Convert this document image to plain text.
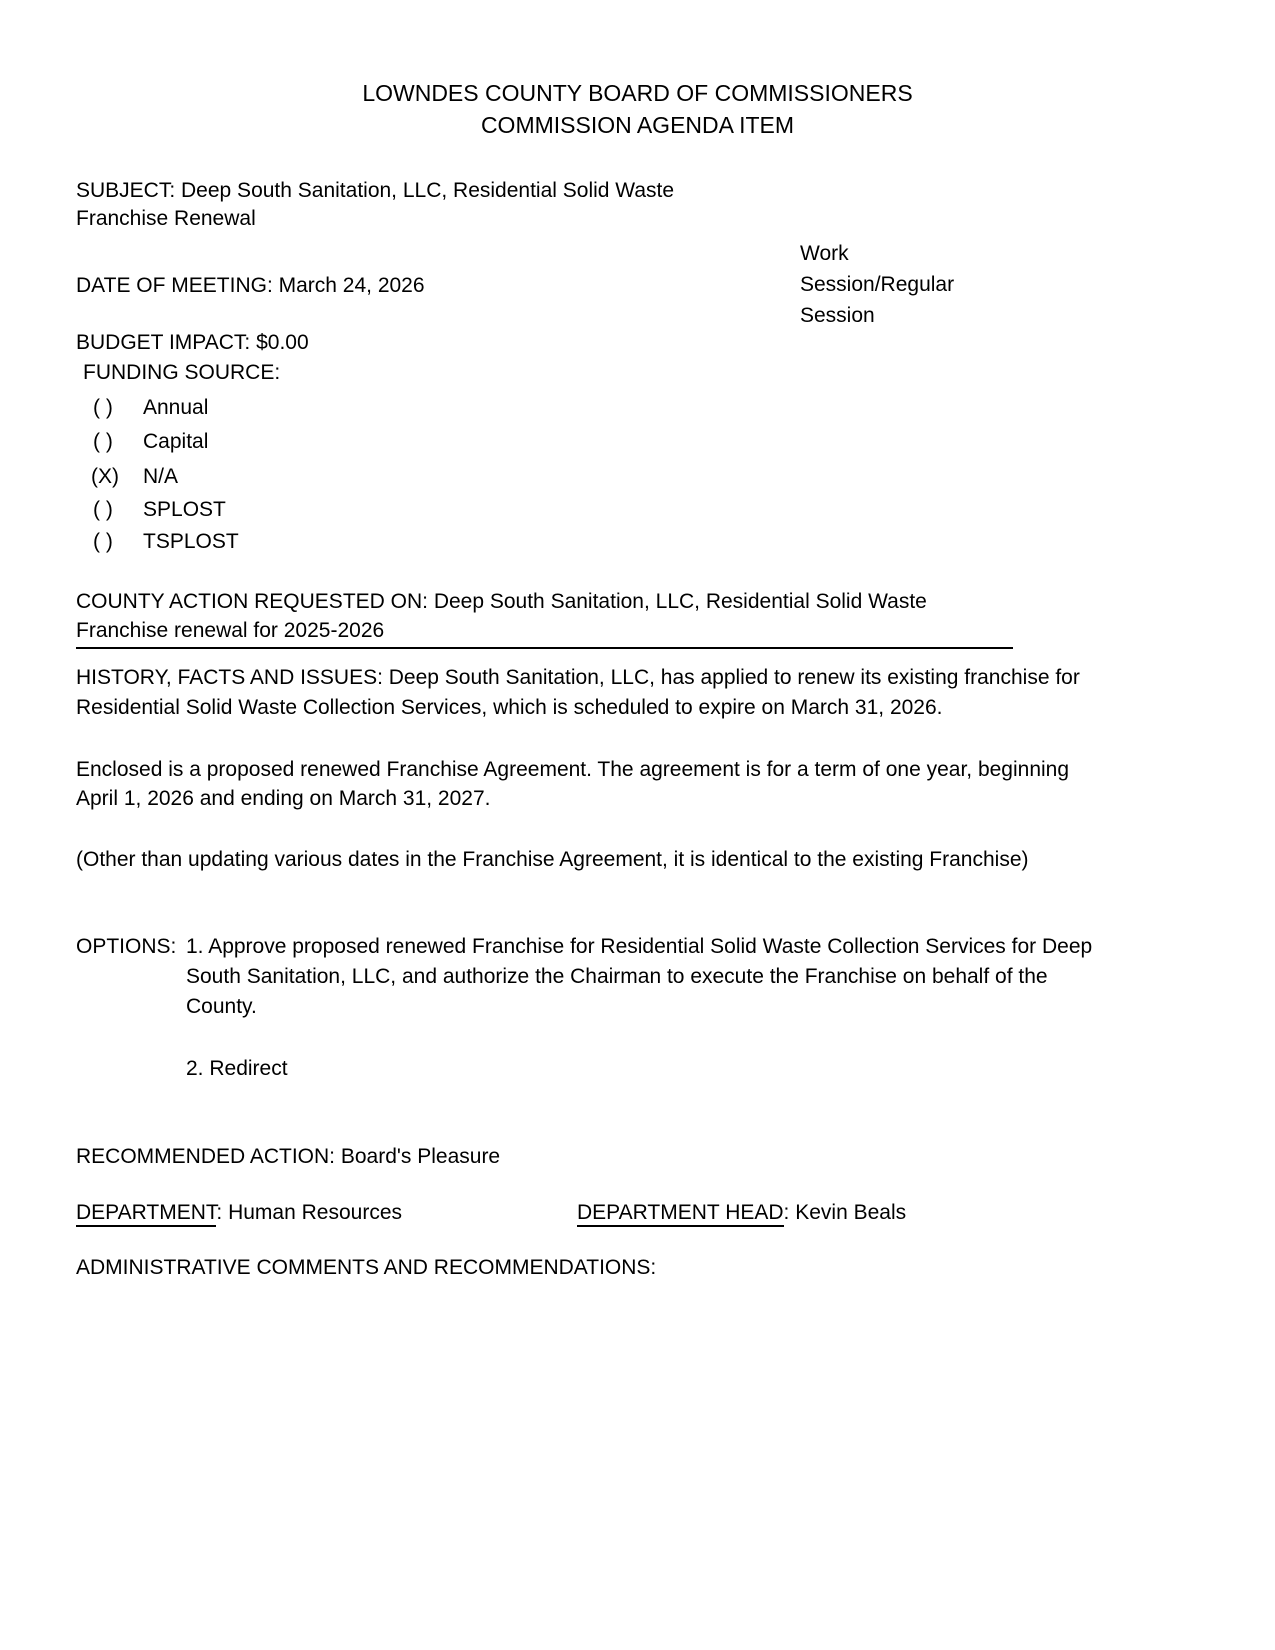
LOWNDES COUNTY BOARD OF COMMISSIONERS
COMMISSION AGENDA ITEM
SUBJECT: Deep South Sanitation, LLC, Residential Solid Waste
Franchise Renewal
Work
Session/Regular
Session
DATE OF MEETING: March 24, 2026
BUDGET IMPACT: $0.00
FUNDING SOURCE:
( ) Annual
( ) Capital
(X) N/A
( ) SPLOST
( ) TSPLOST
COUNTY ACTION REQUESTED ON: Deep South Sanitation, LLC, Residential Solid Waste
Franchise renewal for 2025-2026
HISTORY, FACTS AND ISSUES: Deep South Sanitation, LLC, has applied to renew its existing franchise for
Residential Solid Waste Collection Services, which is scheduled to expire on March 31, 2026.
Enclosed is a proposed renewed Franchise Agreement. The agreement is for a term of one year, beginning
April 1, 2026 and ending on March 31, 2027.
(Other than updating various dates in the Franchise Agreement, it is identical to the existing Franchise)
OPTIONS: 1. Approve proposed renewed Franchise for Residential Solid Waste Collection Services for Deep
South Sanitation, LLC, and authorize the Chairman to execute the Franchise on behalf of the
County.
2. Redirect
RECOMMENDED ACTION: Board's Pleasure
DEPARTMENT: Human Resources	DEPARTMENT HEAD: Kevin Beals
ADMINISTRATIVE COMMENTS AND RECOMMENDATIONS:
